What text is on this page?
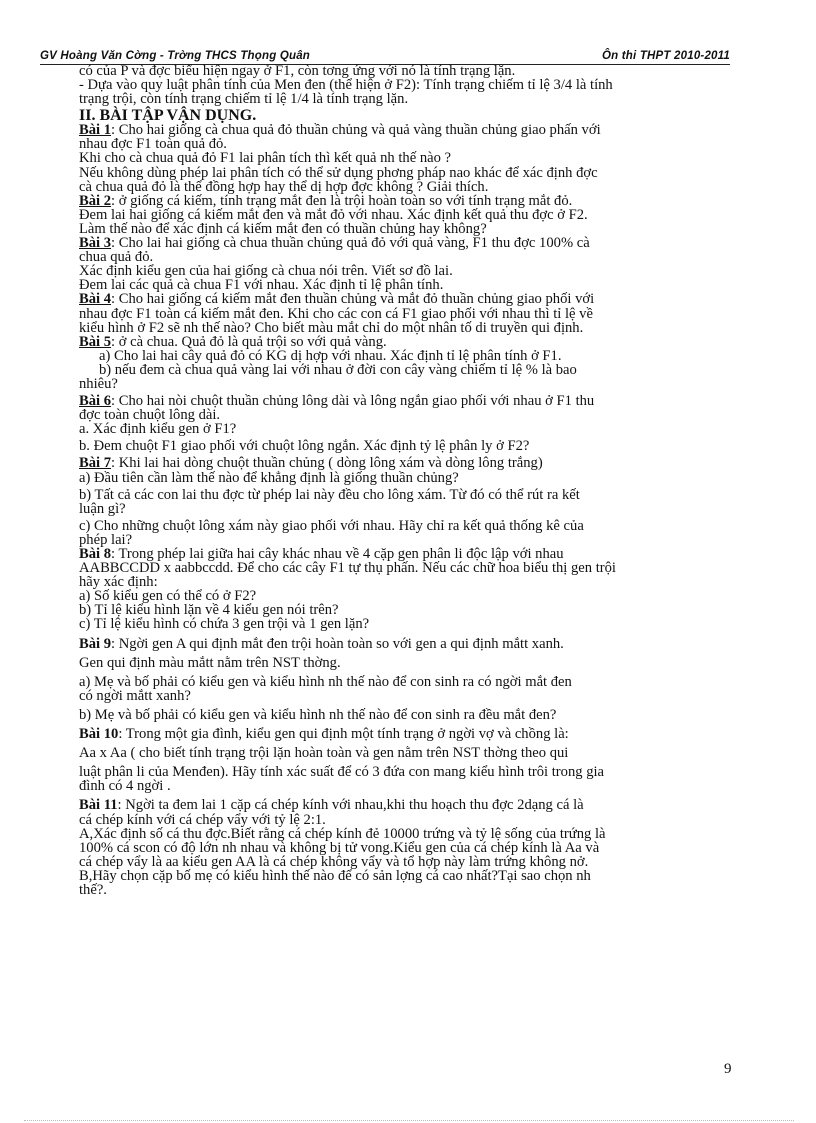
GV Hoàng Văn Cờng - Trờng THCS Thọng Quân	Ôn thi THPT 2010-2011

có của P và đợc biểu hiện ngay ở F1, còn tơng ứng với nó là tính trạng lặn.

- Dựa vào quy luật phân tính của Men đen (thể hiện ở F2): Tính trạng chiếm tỉ lệ 3/4 là tính

trạng trội, còn tính trạng chiếm tỉ lệ 1/4 là tính trạng lặn.

II. BÀI TẬP VẬN DỤNG.

Bài 1: Cho hai giống cà chua quả đỏ thuần chủng và quả vàng thuần chủng giao phấn với

nhau đợc F1 toàn quả đỏ.

Khi cho cà chua quả đỏ F1 lai phân tích thì kết quả nh thế nào ?

Nếu không dùng phép lai phân tích có thể sử dụng phơng pháp nao khác để xác định đợc

cà chua quả đỏ là thể đồng hợp hay thể dị hợp đợc không ? Giải thích.

Bài 2: ở giống cá kiếm, tính trạng mắt đen là trội hoàn toàn so với tính trạng mắt đỏ.

Đem lai hai giống cá kiếm mắt đen và mắt đỏ với nhau. Xác định kết quả thu đợc ở F2.

Làm thế nào để xác định cá kiếm mắt đen có thuần chủng hay không?

Bài 3: Cho lai hai giống cà chua thuần chủng quả đỏ với quả vàng, F1 thu đợc 100% cà

chua quả đỏ.

Xác định kiểu gen của hai giống cà chua nói trên. Viết sơ đồ lai.

Đem lai các quả cà chua F1 với nhau. Xác định tỉ lệ phân tính.

Bài 4: Cho hai giống cá kiếm mắt đen thuần chủng và mắt đỏ thuần chủng giao phối với

nhau đợc F1 toàn cá kiếm mắt đen. Khi cho các con cá F1 giao phối với nhau thì tỉ lệ về

kiểu hình ở F2 sẽ nh thế nào? Cho biết màu mắt chỉ do một nhân tố di truyền qui định.

Bài 5: ở cà chua. Quả đỏ là quả trội so với quả vàng.

a) Cho lai hai cây quả đỏ có KG dị hợp với nhau. Xác định tỉ lệ phân tính ở F1.

b) nếu đem cà chua quả vàng lai với nhau ở đời con cây vàng chiếm tỉ lệ % là bao

nhiêu?

Bài 6: Cho hai nòi chuột thuần chủng lông dài và lông ngắn giao phối với nhau ở F1 thu

đợc toàn chuột lông dài.

a. Xác định kiểu gen ở F1?

b. Đem chuột F1 giao phối với chuột lông ngắn. Xác định tỷ lệ phân ly ở F2?

Bài 7: Khi lai hai dòng chuột thuần chủng ( dòng lông xám và dòng lông trắng)

a) Đầu tiên cần làm thế nào để khẳng định là giống thuần chủng?

b) Tất cả các con lai thu đợc từ phép lai này đều cho lông xám. Từ đó có thể rút ra kết

luận gì?

c) Cho những chuột lông xám này giao phối với nhau. Hãy chỉ ra kết quả thống kê của

phép lai?

Bài 8: Trong phép lai giữa hai cây khác nhau về 4 cặp gen phân li độc lập với nhau

AABBCCDD x aabbccdd. Để cho các cây F1 tự thụ phấn. Nếu các chữ hoa biểu thị gen trội

hãy xác định:

a) Số kiểu gen có thể có ở F2?

b) Tỉ lệ kiểu hình lặn về 4 kiểu gen nói trên?

c) Tỉ lệ kiểu hình có chứa 3 gen trội và 1 gen lặn?

Bài 9: Ngời gen A qui định mắt đen trội hoàn toàn so với gen a qui định mắtt xanh.

Gen qui định màu mắtt nằm trên NST thờng.

a) Mẹ và bố phải có kiểu gen và kiểu hình nh thế nào để con sinh ra có ngời mắt đen

có ngời mắtt xanh?

b) Mẹ và bố phải có kiểu gen và kiểu hình nh thế nào để con sinh ra đều mắt đen?

Bài 10: Trong một gia đình, kiểu gen qui định một tính trạng ở ngời vợ và chồng là:

Aa x Aa ( cho biết tính trạng trội lặn hoàn toàn và gen nằm trên NST thờng theo qui

luật phân li của Menđen). Hãy tính xác suất để có 3 đứa con mang kiểu hình trôi trong gia

đình có 4 ngời .

Bài 11: Ngời ta đem lai 1 cặp cá chép kính với nhau,khi thu hoạch thu đợc 2dạng cá là

cá chép kính với cá chép vẩy với tỷ lệ 2:1.

A,Xác định số cá thu đợc.Biết rằng cá chép kính đẻ 10000 trứng và tỷ lệ sống của trứng là

100% cá scon có độ lớn nh nhau và không bị tử vong.Kiểu gen của cá chép kính là Aa và

cá chép vẩy là aa kiểu gen AA là cá chép không vẩy và tổ hợp này làm trứng không nở.

B,Hãy chọn cặp bố mẹ có kiểu hình thế nào để có sản lợng cá cao nhất?Tại sao chọn nh

thế?.

9
